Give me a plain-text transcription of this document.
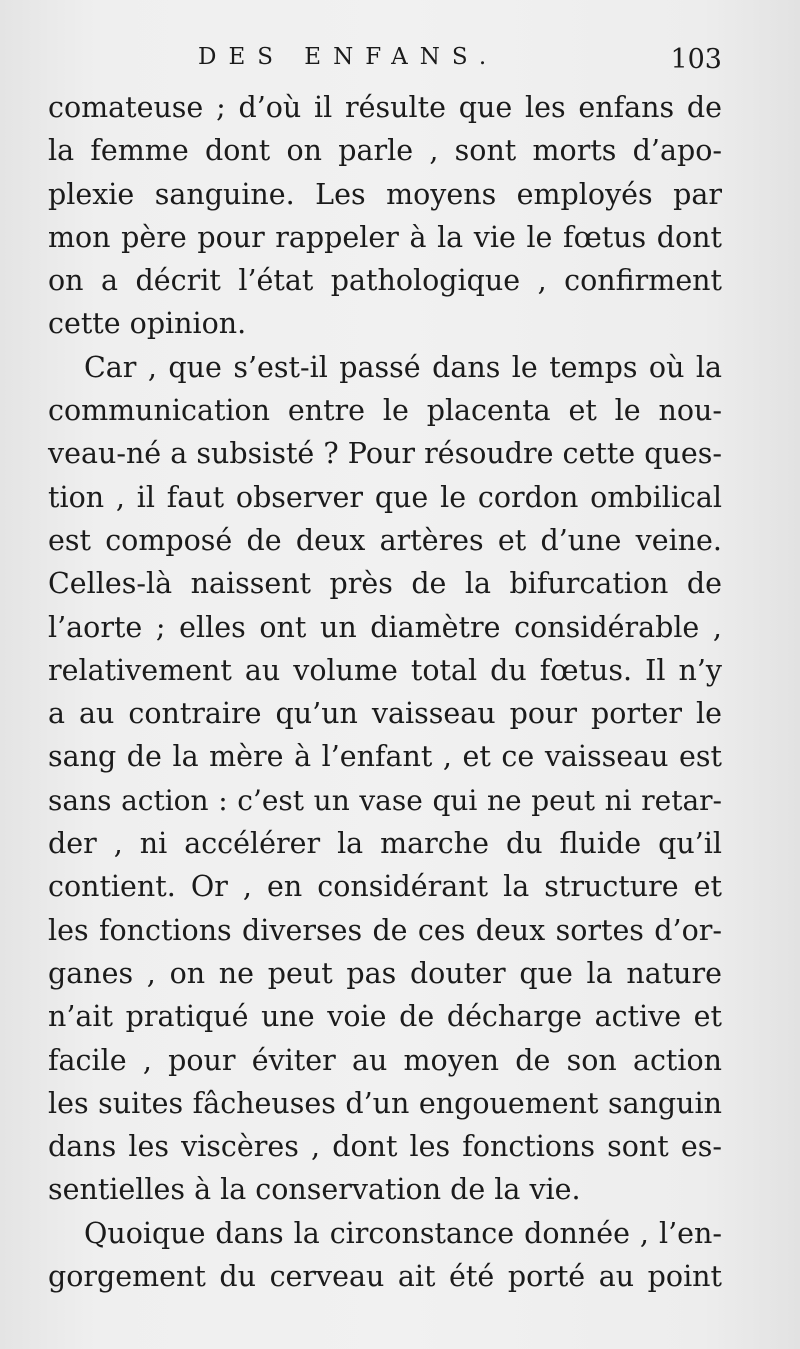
DES ENFANS.	103
comateuse ; d’où il résulte que les enfans de
la femme dont on parle , sont morts d’apo-
plexie sanguine. Les moyens employés par
mon père pour rappeler à la vie le fœtus dont
on a décrit l’état pathologique , confirment
cette opinion.
Car , que s’est-il passé dans le temps où la
communication entre le placenta et le nou-
veau-né a subsisté ? Pour résoudre cette ques-
tion , il faut observer que le cordon ombilical
est composé de deux artères et d’une veine.
Celles-là naissent près de la bifurcation de
l’aorte ; elles ont un diamètre considérable ,
relativement au volume total du fœtus. Il n’y
a au contraire qu’un vaisseau pour porter le
sang de la mère à l’enfant , et ce vaisseau est
sans action : c’est un vase qui ne peut ni retar-
der , ni accélérer la marche du fluide qu’il
contient. Or , en considérant la structure et
les fonctions diverses de ces deux sortes d’or-
ganes , on ne peut pas douter que la nature
n’ait pratiqué une voie de décharge active et
facile , pour éviter au moyen de son action
les suites fâcheuses d’un engouement sanguin
dans les viscères , dont les fonctions sont es-
sentielles à la conservation de la vie.
Quoique dans la circonstance donnée , l’en-
gorgement du cerveau ait été porté au point
